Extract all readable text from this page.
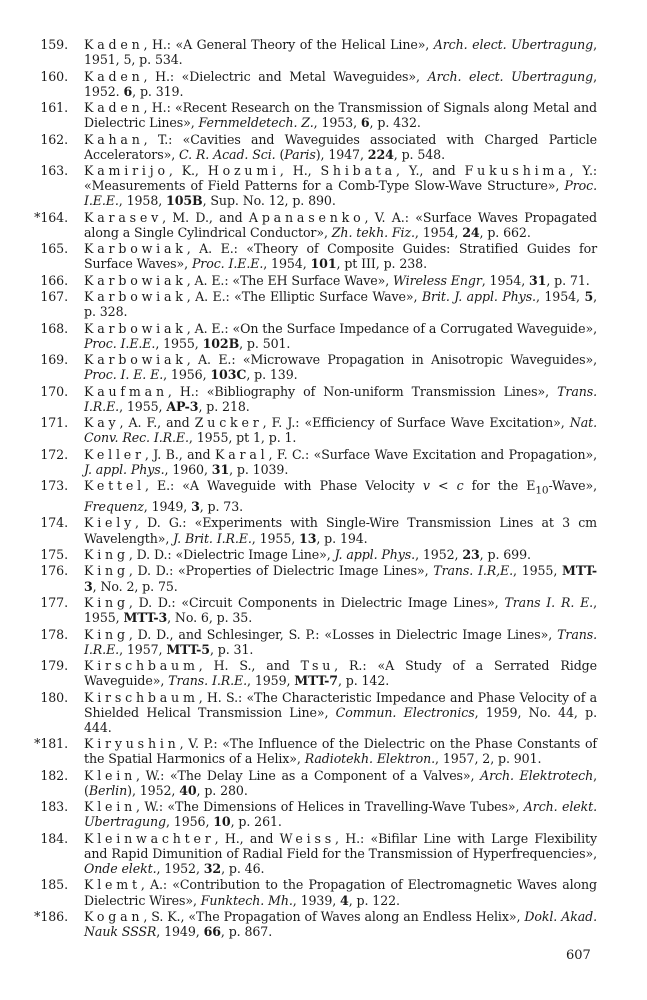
159. Kaden, H.: «A General Theory of the Helical Line», Arch. elect. Ubertragung, 1951, 5, p. 534.
160. Kaden, H.: «Dielectric and Metal Waveguides», Arch. elect. Ubertragung, 1952. 6, p. 319.
161. Kaden, H.: «Recent Research on the Transmission of Signals along Metal and Dielectric Lines», Fernmeldetech. Z., 1953, 6, p. 432.
162. Kahan, T.: «Cavities and Waveguides associated with Charged Particle Accelerators», C. R. Acad. Sci. (Paris), 1947, 224, p. 548.
163. Kamirijo, K., Hozumi, H., Shibata, Y., and Fukushima, Y.: «Measurements of Field Patterns for a Comb-Type Slow-Wave Structure», Proc. I.E.E., 1958, 105B, Sup. No. 12, p. 890.
*164. Karasev, M. D., and Apanasenko, V. A.: «Surface Waves Propagated along a Single Cylindrical Conductor», Zh. tekh. Fiz., 1954, 24, p. 662.
165. Karbowiak, A. E.: «Theory of Composite Guides: Stratified Guides for Surface Waves», Proc. I.E.E., 1954, 101, pt III, p. 238.
166. Karbowiak, A. E.: «The EH Surface Wave», Wireless Engr, 1954, 31, p. 71.
167. Karbowiak, A. E.: «The Elliptic Surface Wave», Brit. J. appl. Phys., 1954, 5, p. 328.
168. Karbowiak, A. E.: «On the Surface Impedance of a Corrugated Waveguide», Proc. I.E.E., 1955, 102B, p. 501.
169. Karbowiak, A. E.: «Microwave Propagation in Anisotropic Waveguides», Proc. I. E. E., 1956, 103C, p. 139.
170. Kaufman, H.: «Bibliography of Non-uniform Transmission Lines», Trans. I.R.E., 1955, AP-3, p. 218.
171. Kay, A. F., and Zucker, F. J.: «Efficiency of Surface Wave Excitation», Nat. Conv. Rec. I.R.E., 1955, pt 1, p. 1.
172. Keller, J. B., and Karal, F. C.: «Surface Wave Excitation and Propagation», J. appl. Phys., 1960, 31, p. 1039.
173. Kettel, E.: «A Waveguide with Phase Velocity v < c for the $E_{10}$-Wave», Frequenz, 1949, 3, p. 73.
174. Kiely, D. G.: «Experiments with Single-Wire Transmission Lines at 3 cm Wavelength», J. Brit. I.R.E., 1955, 13, p. 194.
175. King, D. D.: «Dielectric Image Line», J. appl. Phys., 1952, 23, p. 699.
176. King, D. D.: «Properties of Dielectric Image Lines», Trans. I.R,E., 1955, MTT-3, No. 2, p. 75.
177. King, D. D.: «Circuit Components in Dielectric Image Lines», Trans I. R. E., 1955, MTT-3, No. 6, p. 35.
178. King, D. D., and Schlesinger, S. P.: «Losses in Dielectric Image Lines», Trans. I.R.E., 1957, MTT-5, p. 31.
179. Kirschbaum, H. S., and Tsu, R.: «A Study of a Serrated Ridge Waveguide», Trans. I.R.E., 1959, MTT-7, p. 142.
180. Kirschbaum, H. S.: «The Characteristic Impedance and Phase Velocity of a Shielded Helical Transmission Line», Commun. Electronics, 1959, No. 44, p. 444.
*181. Kiryushin, V. P.: «The Influence of the Dielectric on the Phase Constants of the Spatial Harmonics of a Helix», Radiotekh. Elektron., 1957, 2, p. 901.
182. Klein, W.: «The Delay Line as a Component of a Valves», Arch. Elektrotech, (Berlin), 1952, 40, p. 280.
183. Klein, W.: «The Dimensions of Helices in Travelling-Wave Tubes», Arch. elekt. Ubertragung, 1956, 10, p. 261.
184. Kleinwachter, H., and Weiss, H.: «Bifilar Line with Large Flexibility and Rapid Dimunition of Radial Field for the Transmission of Hyperfrequencies», Onde elekt., 1952, 32, p. 46.
185. Klemt, A.: «Contribution to the Propagation of Electromagnetic Waves along Dielectric Wires», Funktech. Mh., 1939, 4, p. 122.
*186. Kogan, S. K., «The Propagation of Waves along an Endless Helix», Dokl. Akad. Nauk SSSR, 1949, 66, p. 867.
607
